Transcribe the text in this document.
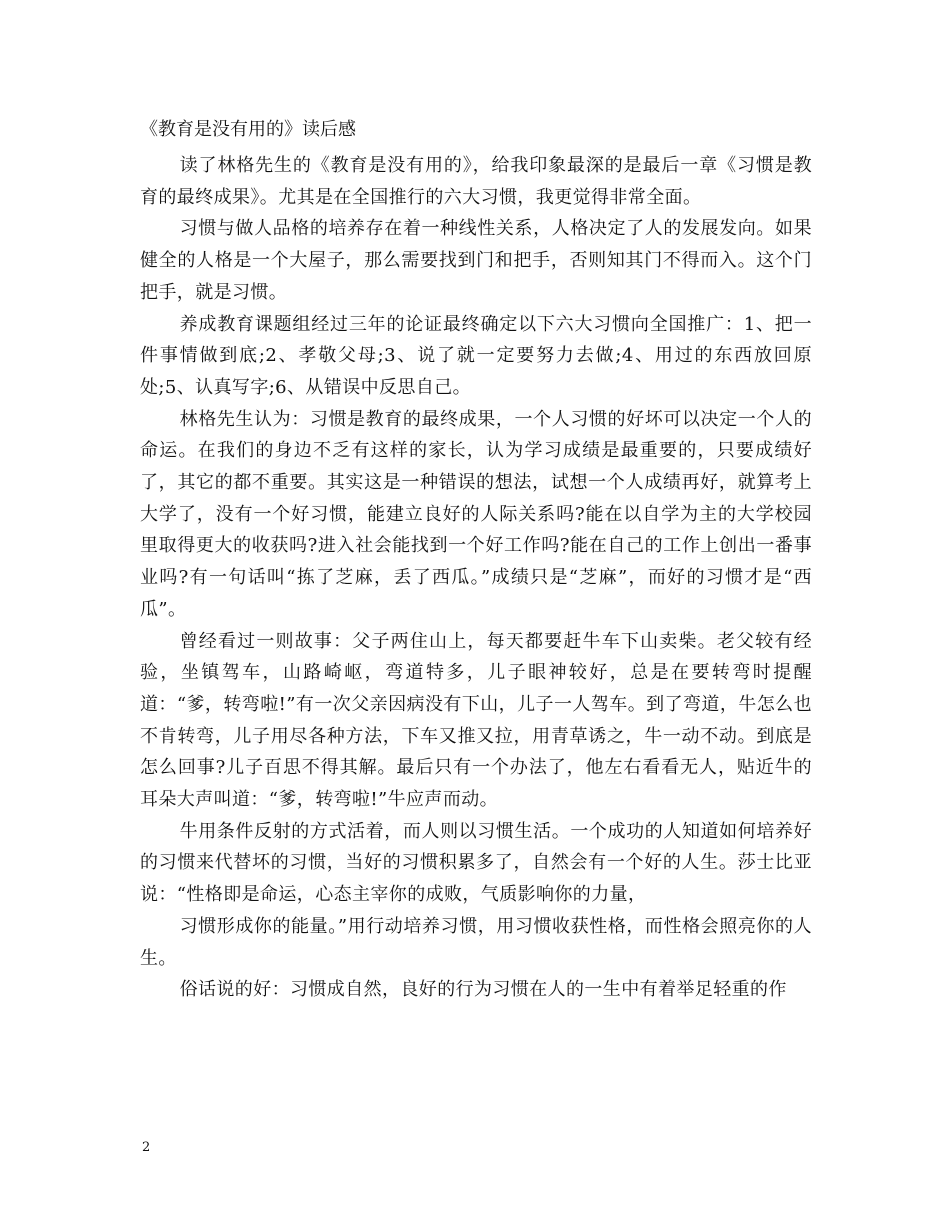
《教育是没有用的》读后感

读了林格先生的《教育是没有用的》，给我印象最深的是最后一章《习惯是教育的最终成果》。尤其是在全国推行的六大习惯，我更觉得非常全面。

习惯与做人品格的培养存在着一种线性关系，人格决定了人的发展发向。如果健全的人格是一个大屋子，那么需要找到门和把手，否则知其门不得而入。这个门把手，就是习惯。

养成教育课题组经过三年的论证最终确定以下六大习惯向全国推广：1、把一件事情做到底;2、孝敬父母;3、说了就一定要努力去做;4、用过的东西放回原处;5、认真写字;6、从错误中反思自己。

林格先生认为：习惯是教育的最终成果，一个人习惯的好坏可以决定一个人的命运。在我们的身边不乏有这样的家长，认为学习成绩是最重要的，只要成绩好了，其它的都不重要。其实这是一种错误的想法，试想一个人成绩再好，就算考上大学了，没有一个好习惯，能建立良好的人际关系吗?能在以自学为主的大学校园里取得更大的收获吗?进入社会能找到一个好工作吗?能在自己的工作上创出一番事业吗?有一句话叫“拣了芝麻，丢了西瓜。”成绩只是“芝麻”，而好的习惯才是“西瓜”。

曾经看过一则故事：父子两住山上，每天都要赶牛车下山卖柴。老父较有经验，坐镇驾车，山路崎岖，弯道特多，儿子眼神较好，总是在要转弯时提醒道：“爹，转弯啦!”有一次父亲因病没有下山，儿子一人驾车。到了弯道，牛怎么也不肯转弯，儿子用尽各种方法，下车又推又拉，用青草诱之，牛一动不动。到底是怎么回事?儿子百思不得其解。最后只有一个办法了，他左右看看无人，贴近牛的耳朵大声叫道：“爹，转弯啦!”牛应声而动。

牛用条件反射的方式活着，而人则以习惯生活。一个成功的人知道如何培养好的习惯来代替坏的习惯，当好的习惯积累多了，自然会有一个好的人生。莎士比亚说：“性格即是命运，心态主宰你的成败，气质影响你的力量，

习惯形成你的能量。”用行动培养习惯，用习惯收获性格，而性格会照亮你的人生。

俗话说的好：习惯成自然，良好的行为习惯在人的一生中有着举足轻重的作

2
